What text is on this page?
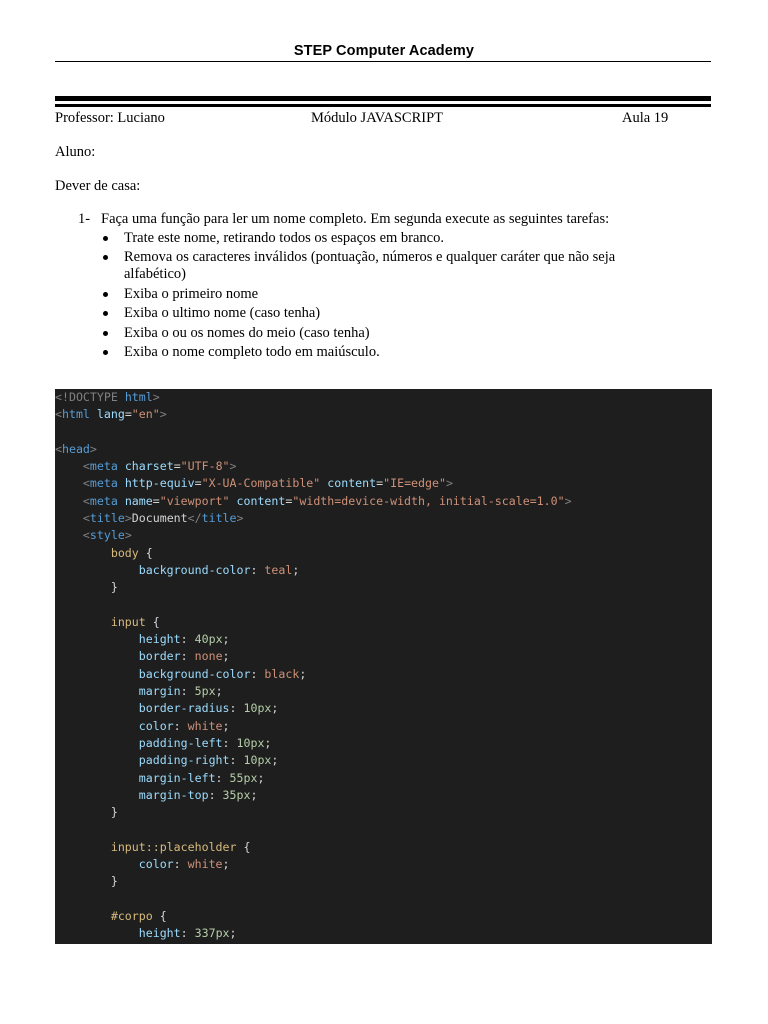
STEP Computer Academy
Professor: Luciano	Módulo JAVASCRIPT	Aula 19
Aluno:
Dever de casa:
1- Faça uma função para ler um nome completo. Em segunda execute as seguintes tarefas:
Trate este nome, retirando todos os espaços em branco.
Remova os caracteres inválidos (pontuação, números e qualquer caráter que não seja alfabético)
Exiba o primeiro nome
Exiba o ultimo nome (caso tenha)
Exiba o ou os nomes do meio (caso tenha)
Exiba o nome completo todo em maiúsculo.
<!DOCTYPE html>
<html lang="en">
<head>
<meta charset="UTF-8">
<meta http-equiv="X-UA-Compatible" content="IE=edge">
<meta name="viewport" content="width=device-width, initial-scale=1.0">
<title>Document</title>
<style>
body {
background-color: teal;
}
input {
height: 40px;
border: none;
background-color: black;
margin: 5px;
border-radius: 10px;
color: white;
padding-left: 10px;
padding-right: 10px;
margin-left: 55px;
margin-top: 35px;
}
input::placeholder {
color: white;
}
#corpo {
height: 337px;
